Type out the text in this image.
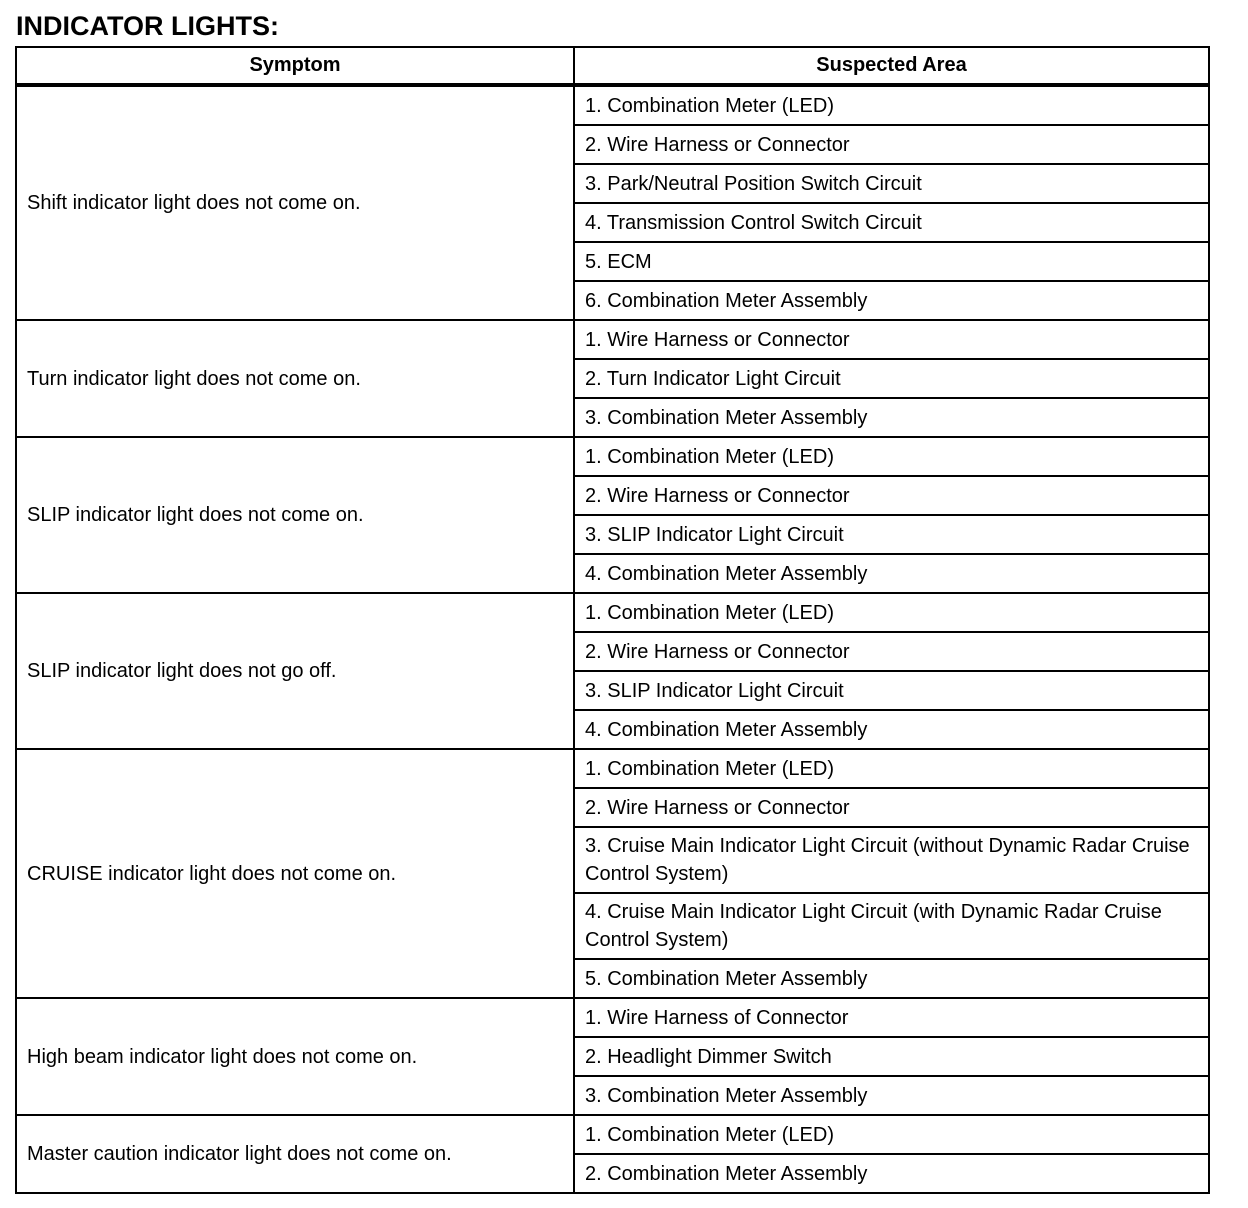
INDICATOR LIGHTS:
Symptom	Suspected Area
Shift indicator light does not come on.	1. Combination Meter (LED)
	2. Wire Harness or Connector
	3. Park/Neutral Position Switch Circuit
	4. Transmission Control Switch Circuit
	5. ECM
	6. Combination Meter Assembly
Turn indicator light does not come on.	1. Wire Harness or Connector
	2. Turn Indicator Light Circuit
	3. Combination Meter Assembly
SLIP indicator light does not come on.	1. Combination Meter (LED)
	2. Wire Harness or Connector
	3. SLIP Indicator Light Circuit
	4. Combination Meter Assembly
SLIP indicator light does not go off.	1. Combination Meter (LED)
	2. Wire Harness or Connector
	3. SLIP Indicator Light Circuit
	4. Combination Meter Assembly
CRUISE indicator light does not come on.	1. Combination Meter (LED)
	2. Wire Harness or Connector
	3. Cruise Main Indicator Light Circuit (without Dynamic Radar Cruise Control System)
	4. Cruise Main Indicator Light Circuit (with Dynamic Radar Cruise Control System)
	5. Combination Meter Assembly
High beam indicator light does not come on.	1. Wire Harness of Connector
	2. Headlight Dimmer Switch
	3. Combination Meter Assembly
Master caution indicator light does not come on.	1. Combination Meter (LED)
	2. Combination Meter Assembly
